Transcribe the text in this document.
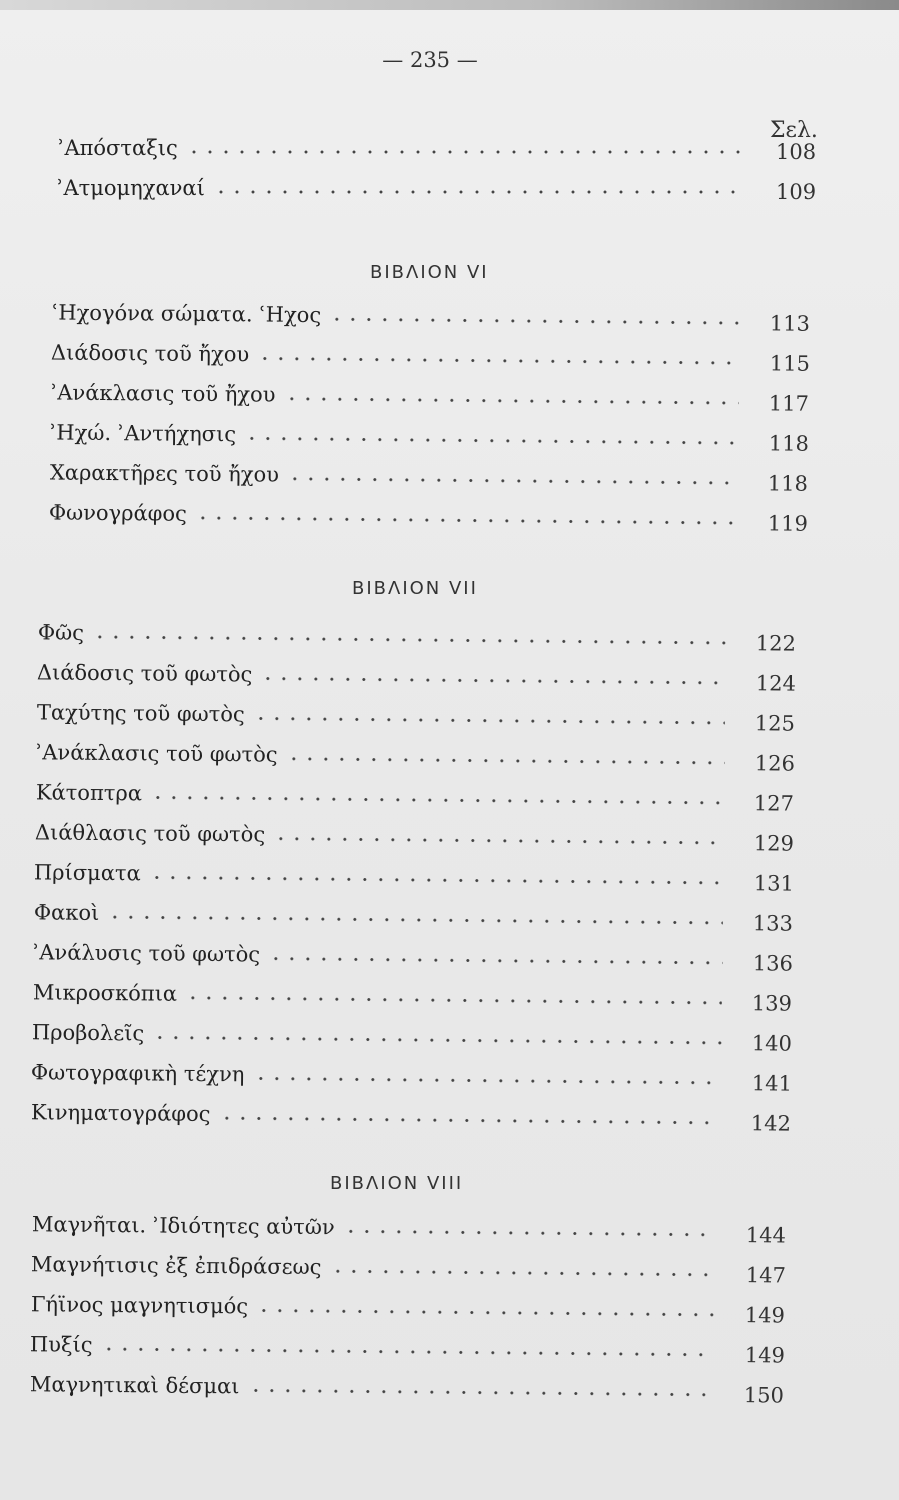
— 235 —
Σελ.
ʾΑπόσταξις	108
ʾΑτμομηχαναί	109
ΒΙΒΛΙΟΝ VI
ʿΗχογόνα σώματα. ʿΗχος	113
Διάδοσις τοῦ ἤχου	115
ʾΑνάκλασις τοῦ ἤχου	117
ʾΗχώ. ʾΑντήχησις	118
Χαρακτῆρες τοῦ ἤχου	118
Φωνογράφος	119
ΒΙΒΛΙΟΝ VII
Φῶς	122
Διάδοσις τοῦ φωτὸς	124
Ταχύτης τοῦ φωτὸς	125
ʾΑνάκλασις τοῦ φωτὸς	126
Κάτοπτρα	127
Διάθλασις τοῦ φωτὸς	129
Πρίσματα	131
Φακοὶ	133
ʾΑνάλυσις τοῦ φωτὸς	136
Μικροσκόπια	139
Προβολεῖς	140
Φωτογραφικὴ τέχνη	141
Κινηματογράφος	142
ΒΙΒΛΙΟΝ VIII
Μαγνῆται. ʾΙδιότητες αὐτῶν	144
Μαγνήτισις ἐξ ἐπιδράσεως	147
Γήϊνος μαγνητισμός	149
Πυξίς	149
Μαγνητικαὶ δέσμαι	150
